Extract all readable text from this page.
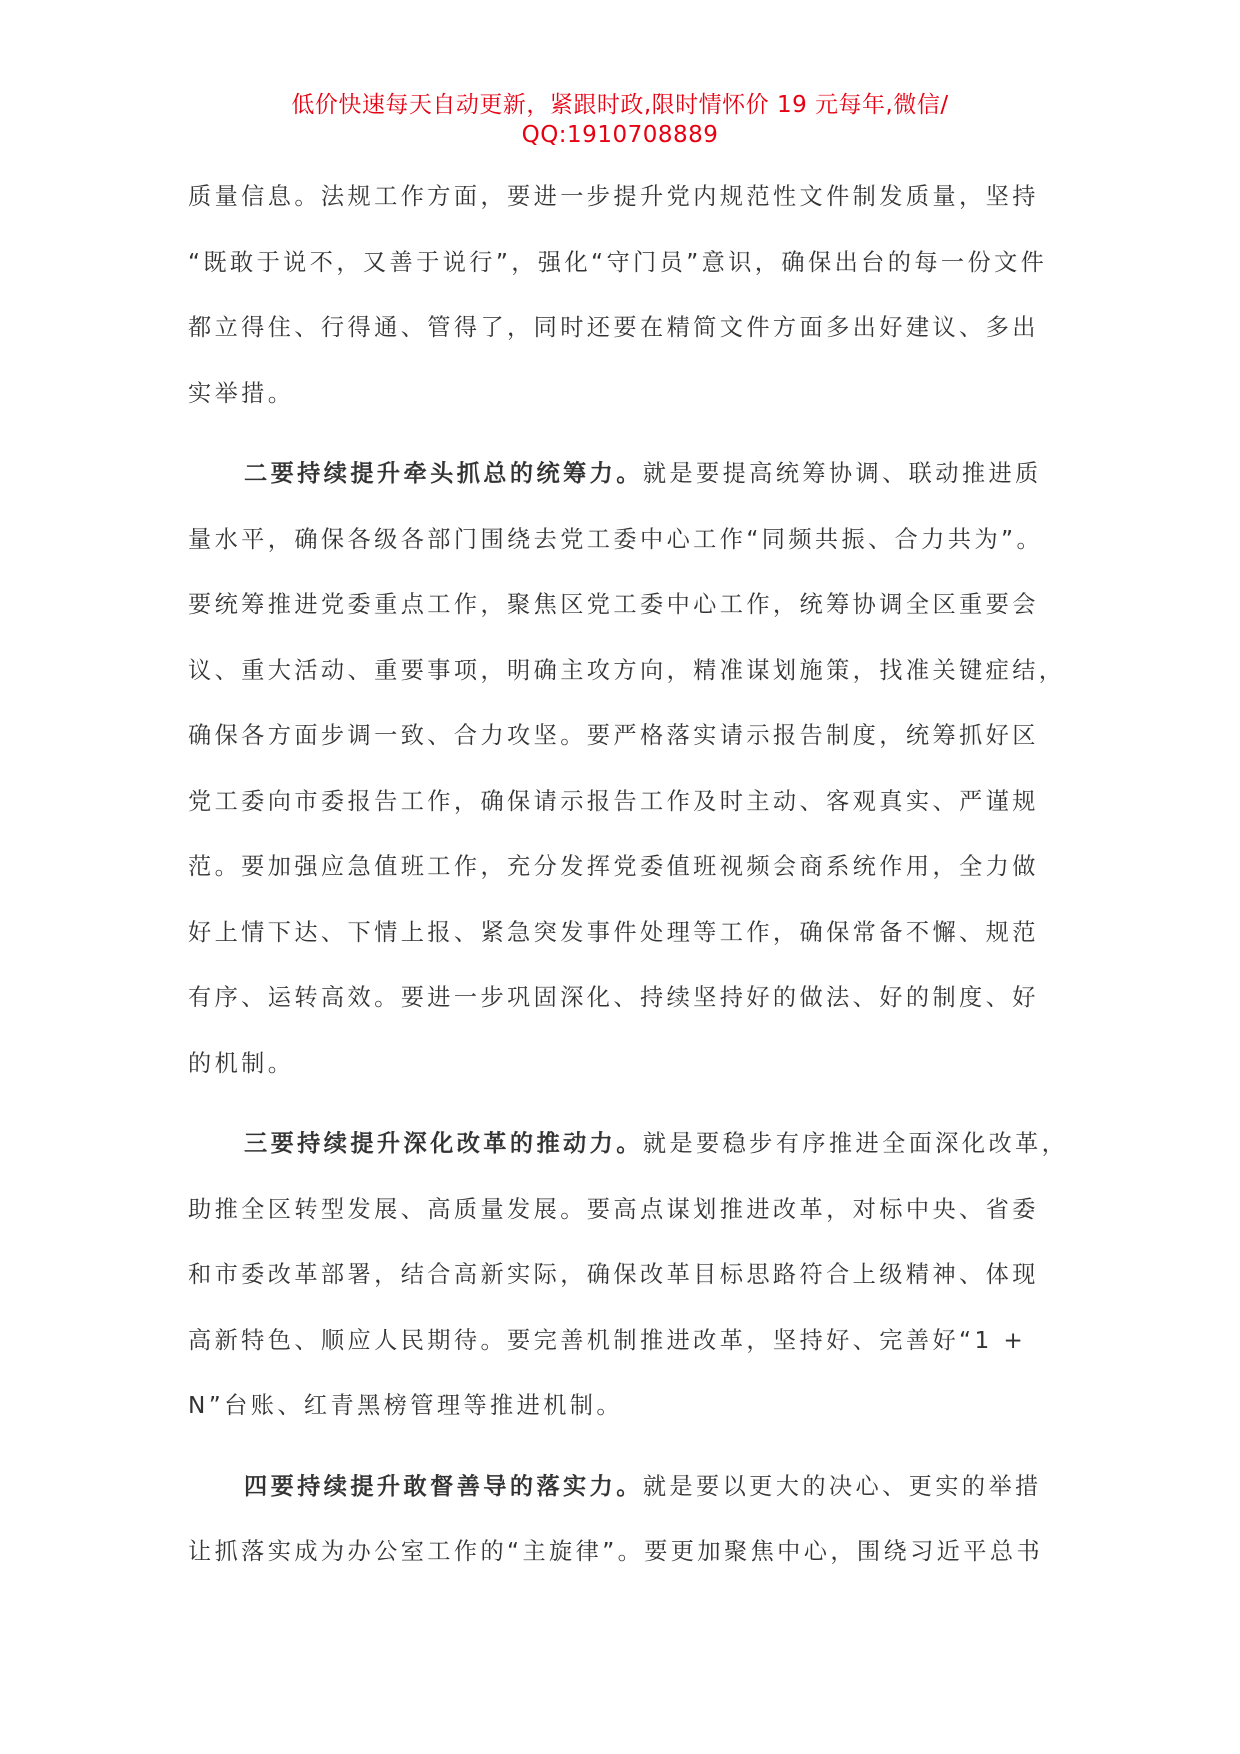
低价快速每天自动更新，紧跟时政,限时情怀价 19 元每年,微信/
QQ:1910708889
质量信息。法规工作方面，要进一步提升党内规范性文件制发质量，坚持
“既敢于说不，又善于说行”，强化“守门员”意识，确保出台的每一份文件
都立得住、行得通、管得了，同时还要在精简文件方面多出好建议、多出
实举措。
二要持续提升牵头抓总的统筹力。就是要提高统筹协调、联动推进质
量水平，确保各级各部门围绕去党工委中心工作“同频共振、合力共为”。
要统筹推进党委重点工作，聚焦区党工委中心工作，统筹协调全区重要会
议、重大活动、重要事项，明确主攻方向，精准谋划施策，找准关键症结，
确保各方面步调一致、合力攻坚。要严格落实请示报告制度，统筹抓好区
党工委向市委报告工作，确保请示报告工作及时主动、客观真实、严谨规
范。要加强应急值班工作，充分发挥党委值班视频会商系统作用，全力做
好上情下达、下情上报、紧急突发事件处理等工作，确保常备不懈、规范
有序、运转高效。要进一步巩固深化、持续坚持好的做法、好的制度、好
的机制。
三要持续提升深化改革的推动力。就是要稳步有序推进全面深化改革，
助推全区转型发展、高质量发展。要高点谋划推进改革，对标中央、省委
和市委改革部署，结合高新实际，确保改革目标思路符合上级精神、体现
高新特色、顺应人民期待。要完善机制推进改革，坚持好、完善好“1 +
N”台账、红青黑榜管理等推进机制。
四要持续提升敢督善导的落实力。就是要以更大的决心、更实的举措
让抓落实成为办公室工作的“主旋律”。要更加聚焦中心，围绕习近平总书
